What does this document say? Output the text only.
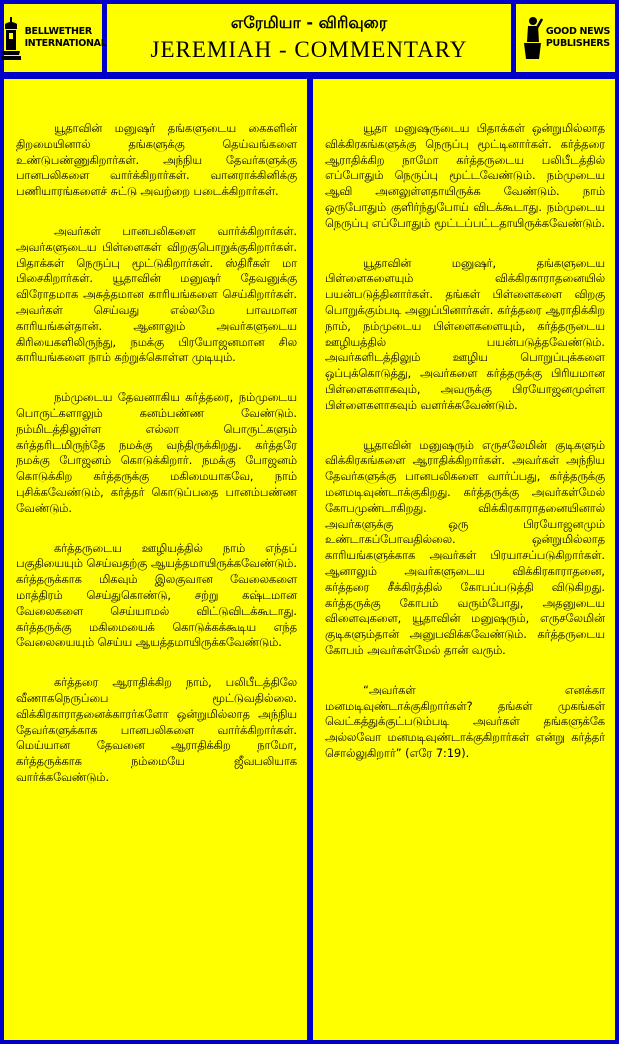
BELLWETHER
INTERNATIONAL
எரேமியா - விரிவுரை
JEREMIAH - COMMENTARY
GOOD NEWS
PUBLISHERS

யூதாவின் மனுஷர் தங்களுடைய கைகளின் திறமையினால் தங்களுக்கு தெய்வங்களை உண்டுபண்ணுகிறார்கள். அந்நிய தேவர்களுக்கு பானபலிகளை வார்க்கிறார்கள். வானராக்கினிக்கு பணியாரங்களைச் சுட்டு அவற்றை படைக்கிறார்கள்.

அவர்கள் பானபலிகளை வார்க்கிறார்கள். அவர்களுடைய பிள்ளைகள் விறகுபொறுக்குகிறார்கள். பிதாக்கள் நெருப்பு மூட்டுகிறார்கள். ஸ்திரீகள் மா பிசைகிறார்கள். யூதாவின் மனுஷர் தேவனுக்கு விரோதமாக அசுத்தமான காரியங்களை செய்கிறார்கள். அவர்கள் செய்வது எல்லமே பாவமான காரியங்கள்தான். ஆனாலும் அவர்களுடைய கிரியைகளிலிருந்து, நமக்கு பிரயோஜனமான சில காரியங்களை நாம் கற்றுக்கொள்ள முடியும்.

நம்முடைய தேவனாகிய கர்த்தரை, நம்முடைய பொருட்களாலும் கனம்பண்ண வேண்டும். நம்மிடத்திலுள்ள எல்லா பொருட்களும் கர்த்தரிடமிருந்தே நமக்கு வந்திருக்கிறது. கர்த்தரே நமக்கு போஜனம் கொடுக்கிறார். நமக்கு போஜனம் கொடுக்கிற கர்த்தருக்கு மகிமையாகவே, நாம் புசிக்கவேண்டும், கர்த்தர் கொடுப்பதை பானம்பண்ண வேண்டும்.

கர்த்தருடைய ஊழியத்தில் நாம் எந்தப் பகுதியையும் செய்வதற்கு ஆயத்தமாயிருக்கவேண்டும். கர்த்தருக்காக மிகவும் இலகுவான வேலைகளை மாத்திரம் செய்துகொண்டு, சற்று கஷ்டமான வேலைகளை செய்யாமல் விட்டுவிடக்கூடாது. கர்த்தருக்கு மகிமையைக் கொடுக்கக்கூடிய எந்த வேலையையும் செய்ய ஆயத்தமாயிருக்கவேண்டும்.

கர்த்தரை ஆராதிக்கிற நாம், பலிபீடத்திலே வீணாகநெருப்பை மூட்டுவதில்லை. விக்கிரகாராதனைக்காரர்களோ ஒன்றுமில்லாத அந்நிய தேவர்களுக்காக பானபலிகளை வார்க்கிறார்கள். மெய்யான தேவனை ஆராதிக்கிற நாமோ, கர்த்தருக்காக நம்மையே ஜீவபலியாக வார்க்கவேண்டும்.

யூதா மனுஷருடைய பிதாக்கள் ஒன்றுமில்லாத விக்கிரகங்களுக்கு நெருப்பு மூட்டினார்கள். கர்த்தரை ஆராதிக்கிற நாமோ கர்த்தருடைய பலிபீடத்தில் எப்போதும் நெருப்பு மூட்டவேண்டும். நம்முடைய ஆவி அனலுள்ளதாயிருக்க வேண்டும். நாம் ஒருபோதும் குளிர்ந்துபோய் விடக்கூடாது. நம்முடைய நெருப்பு எப்போதும் மூட்டப்பட்டதாயிருக்கவேண்டும்.

யூதாவின் மனுஷர், தங்களுடைய பிள்ளைகளையும் விக்கிரகாராதனையில் பயன்படுத்தினார்கள். தங்கள் பிள்ளைகளை விறகு பொறுக்கும்படி அனுப்பினார்கள். கர்த்தரை ஆராதிக்கிற நாம், நம்முடைய பிள்ளைகளையும், கர்த்தருடைய ஊழியத்தில் பயன்படுத்தவேண்டும். அவர்களிடத்திலும் ஊழிய பொறுப்புக்களை ஒப்புக்கொடுத்து, அவர்களை கர்த்தருக்கு பிரியமான பிள்ளைகளாகவும், அவருக்கு பிரயோஜனமுள்ள பிள்ளைகளாகவும் வளர்க்கவேண்டும்.

யூதாவின் மனுஷரும் எருசலேமின் குடிகளும் விக்கிரகங்களை ஆராதிக்கிறார்கள். அவர்கள் அந்நிய தேவர்களுக்கு பானபலிகளை வார்ப்பது, கர்த்தருக்கு மனமடிவுண்டாக்குகிறது. கர்த்தருக்கு அவர்கள்மேல் கோபமுண்டாகிறது. விக்கிரகாராதனையினால் அவர்களுக்கு ஒரு பிரயோஜனமும் உண்டாகப்போவதில்லை. ஒன்றுமில்லாத காரியங்களுக்காக அவர்கள் பிரயாசப்படுகிறார்கள். ஆனாலும் அவர்களுடைய விக்கிரகாராதனை, கர்த்தரை சீக்கிரத்தில் கோபப்படுத்தி விடுகிறது. கர்த்தருக்கு கோபம் வரும்போது, அதனுடைய விளைவுகளை, யூதாவின் மனுஷரும், எருசலேமின் குடிகளும்தான் அனுபவிக்கவேண்டும். கர்த்தருடைய கோபம் அவர்கள்மேல் தான் வரும்.

“அவர்கள் எனக்கா மனமடிவுண்டாக்குகிறார்கள்? தங்கள் முகங்கள் வெட்கத்துக்குட்படும்படி அவர்கள் தங்களுக்கே அல்லவோ மனமடிவுண்டாக்குகிறார்கள் என்று கர்த்தர் சொல்லுகிறார்” (எரே 7:19).
